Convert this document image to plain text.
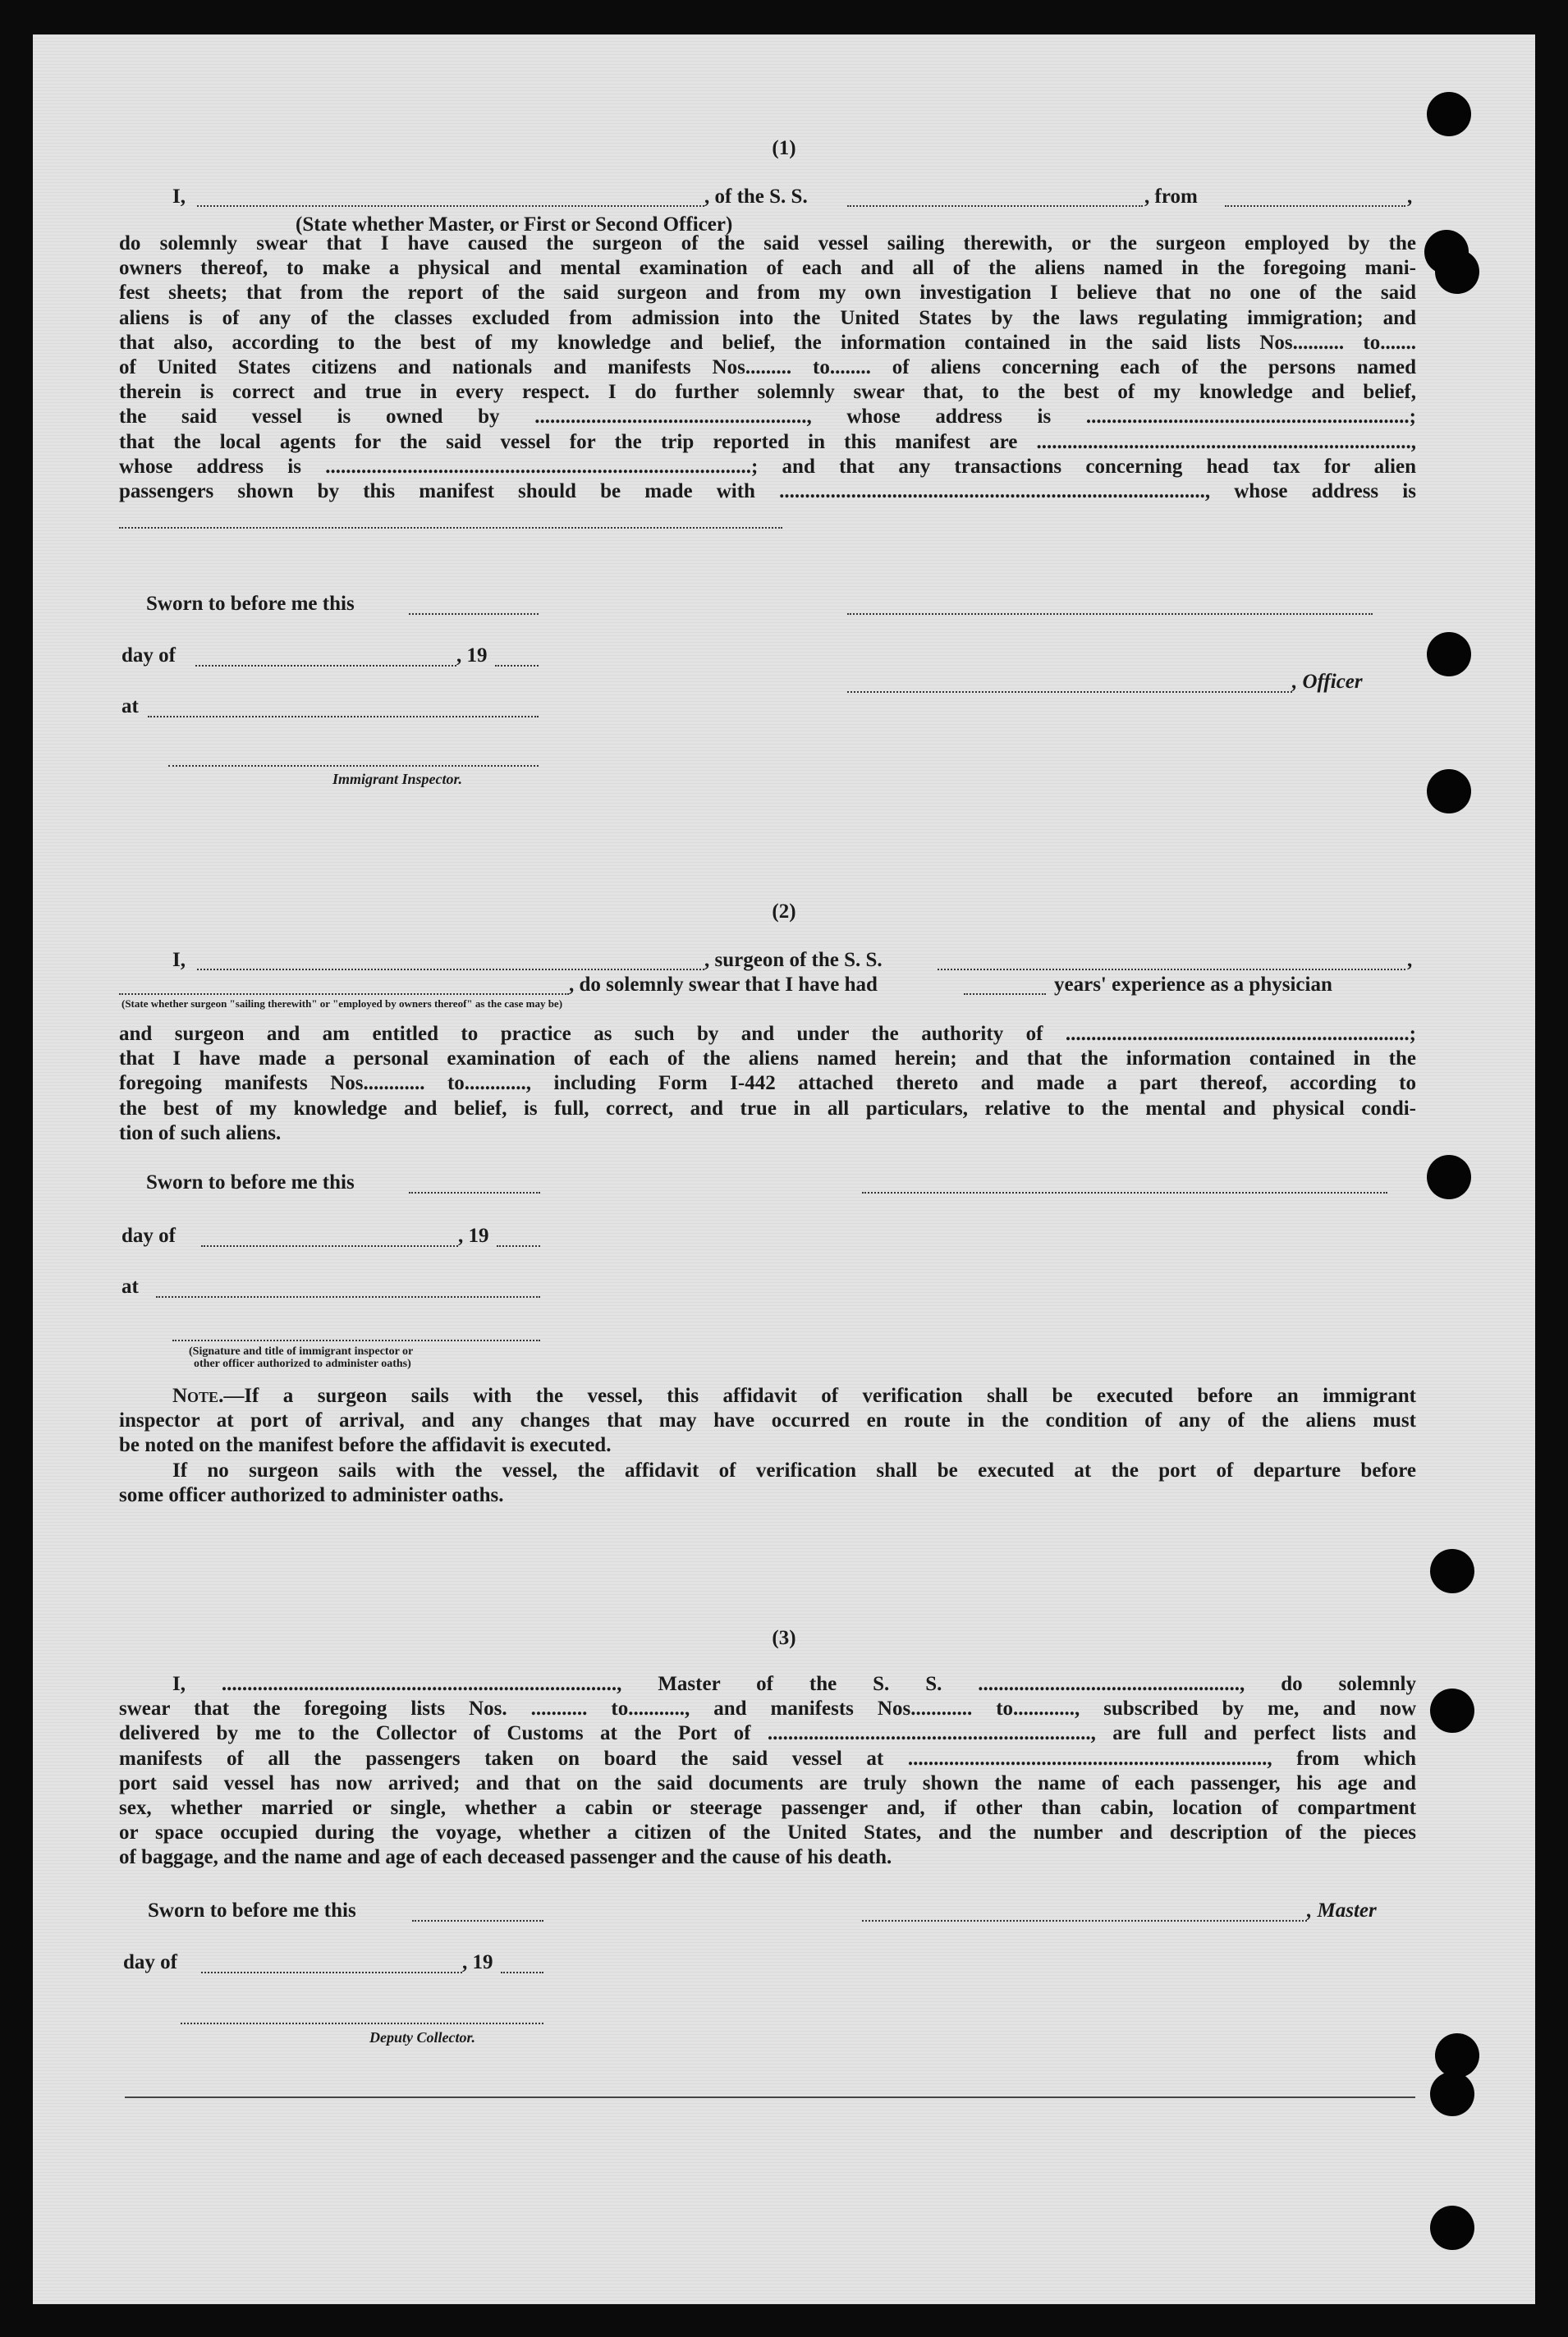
(1)
I,	, of the S. S.	, from	,
(State whether Master, or First or Second Officer)
do solemnly swear that I have caused the surgeon of the said vessel sailing therewith, or the surgeon employed by the
owners thereof, to make a physical and mental examination of each and all of the aliens named in the foregoing mani-
fest sheets; that from the report of the said surgeon and from my own investigation I believe that no one of the said
aliens is of any of the classes excluded from admission into the United States by the laws regulating immigration; and
that also, according to the best of my knowledge and belief, the information contained in the said lists Nos.......... to.......
of United States citizens and nationals and manifests Nos......... to........ of aliens concerning each of the persons named
therein is correct and true in every respect. I do further solemnly swear that, to the best of my knowledge and belief,
the said vessel is owned by ....................................................., whose address is ...............................................................;
that the local agents for the said vessel for the trip reported in this manifest are .........................................................................,
whose address is ...................................................................................; and that any transactions concerning head tax for alien
passengers shown by this manifest should be made with ..................................................................................., whose address is
Sworn to before me this
day of	, 19
, Officer
at
Immigrant Inspector.
(2)
I,	, surgeon of the S. S.	,
, do solemnly swear that I have had	years' experience as a physician
(State whether surgeon "sailing therewith" or "employed by owners thereof" as the case may be)
and surgeon and am entitled to practice as such by and under the authority of ...................................................................;
that I have made a personal examination of each of the aliens named herein; and that the information contained in the
foregoing manifests Nos............ to............, including Form I-442 attached thereto and made a part thereof, according to
the best of my knowledge and belief, is full, correct, and true in all particulars, relative to the mental and physical condi-
tion of such aliens.
Sworn to before me this
day of	, 19
at
(Signature and title of immigrant inspector or
other officer authorized to administer oaths)
Note.—If a surgeon sails with the vessel, this affidavit of verification shall be executed before an immigrant
inspector at port of arrival, and any changes that may have occurred en route in the condition of any of the aliens must
be noted on the manifest before the affidavit is executed.
If no surgeon sails with the vessel, the affidavit of verification shall be executed at the port of departure before
some officer authorized to administer oaths.
(3)
I, ............................................................................., Master of the S. S. ..................................................., do solemnly
swear that the foregoing lists Nos. ........... to..........., and manifests Nos............ to............, subscribed by me, and now
delivered by me to the Collector of Customs at the Port of ..............................................................., are full and perfect lists and
manifests of all the passengers taken on board the said vessel at ......................................................................, from which
port said vessel has now arrived; and that on the said documents are truly shown the name of each passenger, his age and
sex, whether married or single, whether a cabin or steerage passenger and, if other than cabin, location of compartment
or space occupied during the voyage, whether a citizen of the United States, and the number and description of the pieces
of baggage, and the name and age of each deceased passenger and the cause of his death.
Sworn to before me this	, Master
day of	, 19
Deputy Collector.
